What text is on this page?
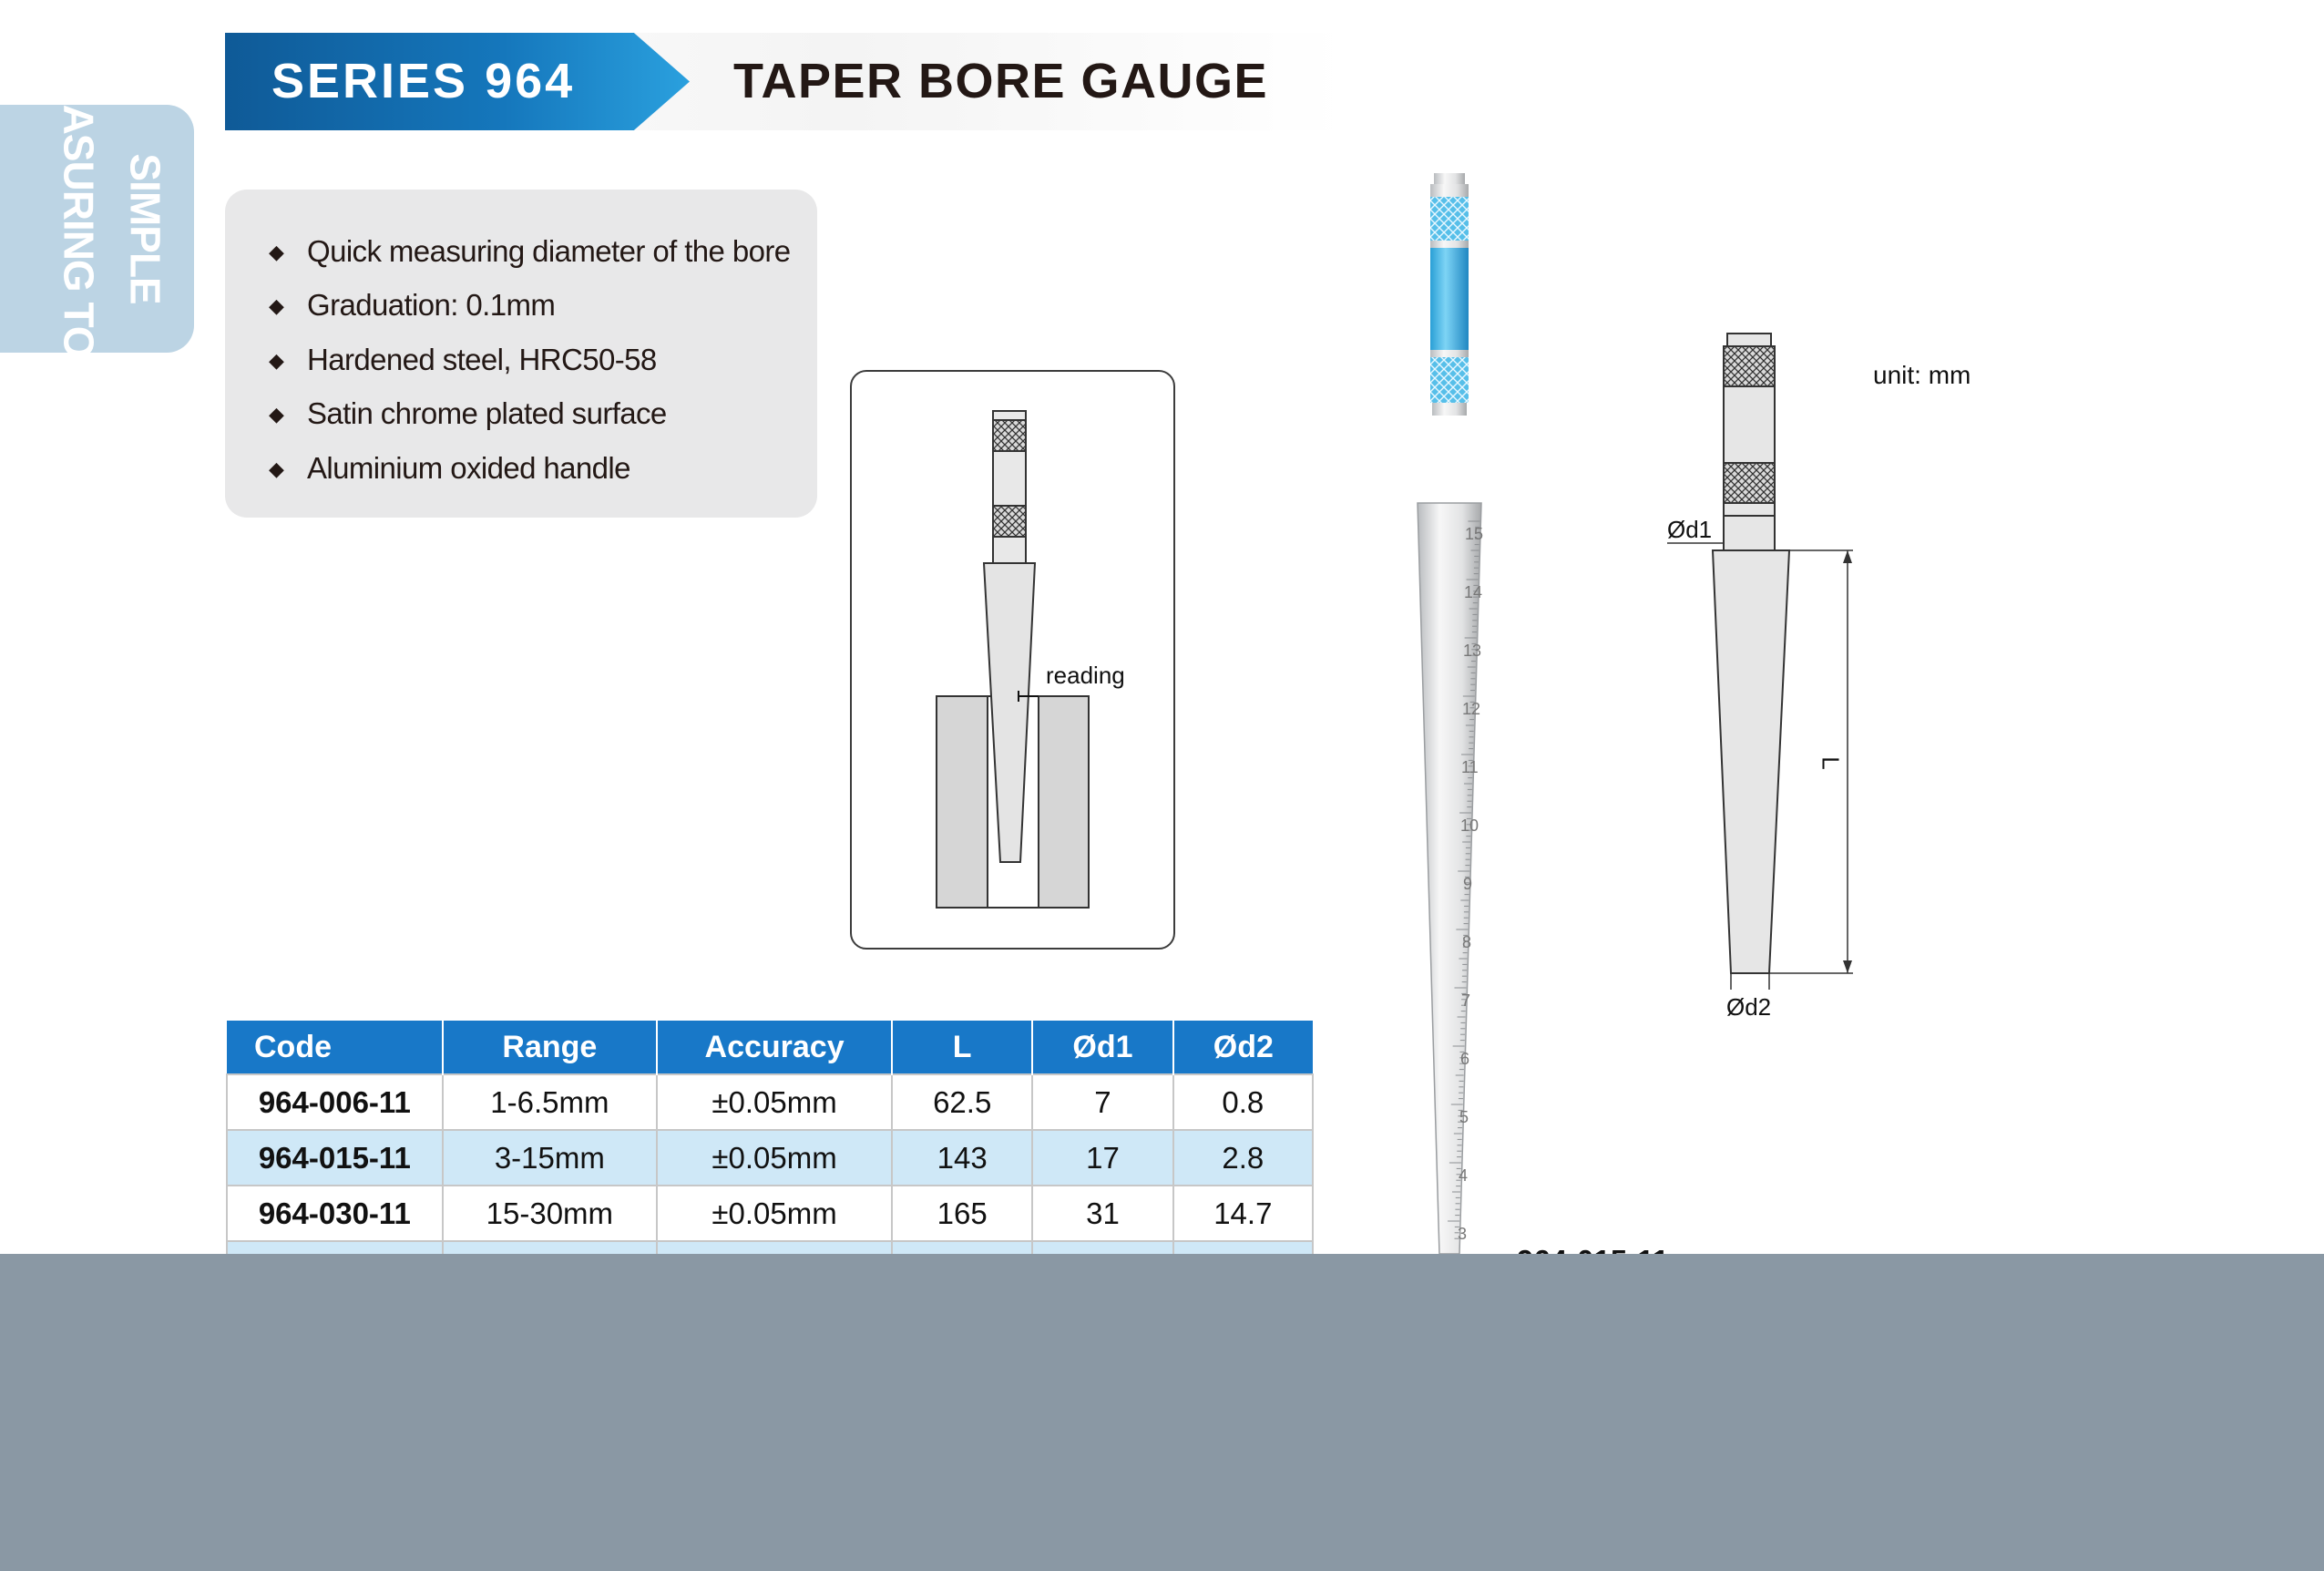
SIMPLE
MEASURING TOOL	SERIES 964	TAPER BORE GAUGE
◆ Quick measuring diameter of the bore
◆ Graduation: 0.1mm
◆ Hardened steel, HRC50-58
◆ Satin chrome plated surface
◆ Aluminium oxided handle
reading
ACCUD
15
14
13
12
11
10
9
8
7
6
5
4
3
Ød1
Ød2
L
unit: mm
Code	Range	Accuracy	L	Ød1	Ød2
964-006-11	1-6.5mm	±0.05mm	62.5	7	0.8
964-015-11	3-15mm	±0.05mm	143	17	2.8
964-030-11	15-30mm	±0.05mm	165	31	14.7
